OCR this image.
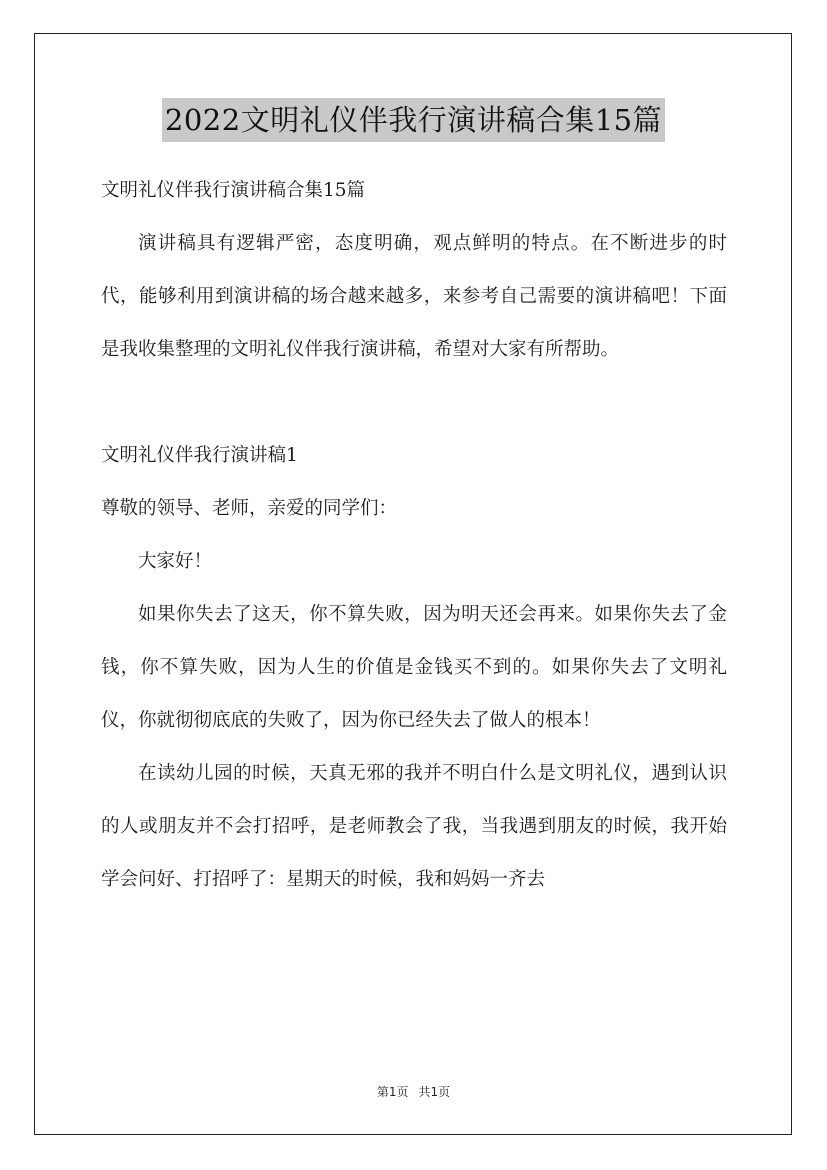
2022文明礼仪伴我行演讲稿合集15篇

文明礼仪伴我行演讲稿合集15篇

演讲稿具有逻辑严密，态度明确，观点鲜明的特点。在不断进步的时代，能够利用到演讲稿的场合越来越多，来参考自己需要的演讲稿吧！下面是我收集整理的文明礼仪伴我行演讲稿，希望对大家有所帮助。

文明礼仪伴我行演讲稿1

尊敬的领导、老师，亲爱的同学们：

大家好！

如果你失去了这天，你不算失败，因为明天还会再来。如果你失去了金钱，你不算失败，因为人生的价值是金钱买不到的。如果你失去了文明礼仪，你就彻彻底底的失败了，因为你已经失去了做人的根本！

在读幼儿园的时候，天真无邪的我并不明白什么是文明礼仪，遇到认识的人或朋友并不会打招呼，是老师教会了我，当我遇到朋友的时候，我开始学会问好、打招呼了：星期天的时候，我和妈妈一齐去

第1页 共1页
